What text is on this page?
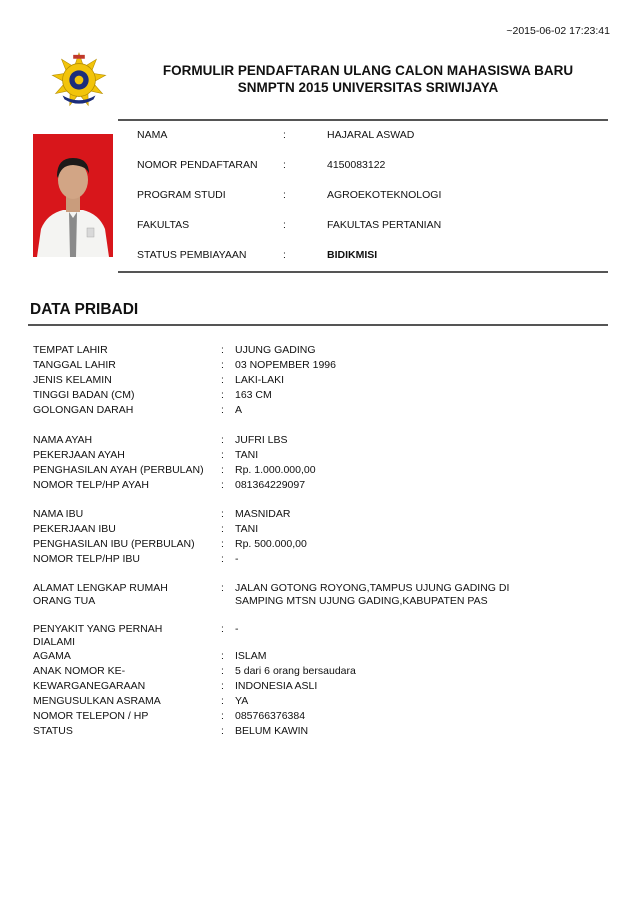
~2015-06-02 17:23:41
FORMULIR PENDAFTARAN ULANG CALON MAHASISWA BARU
SNMPTN 2015 UNIVERSITAS SRIWIJAYA
NAMA	:	HAJARAL ASWAD
NOMOR PENDAFTARAN :	4150083122
PROGRAM STUDI	:	AGROEKOTEKNOLOGI
FAKULTAS	:	FAKULTAS PERTANIAN
STATUS PEMBIAYAAN	:	BIDIKMISI
DATA PRIBADI
TEMPAT LAHIR	: UJUNG GADING
TANGGAL LAHIR	: 03 NOPEMBER 1996
JENIS KELAMIN	: LAKI-LAKI
TINGGI BADAN (CM)	: 163 CM
GOLONGAN DARAH	: A
NAMA AYAH	: JUFRI LBS
PEKERJAAN AYAH	: TANI
PENGHASILAN AYAH (PERBULAN)	: Rp. 1.000.000,00
NOMOR TELP/HP AYAH	: 081364229097
NAMA IBU	: MASNIDAR
PEKERJAAN IBU	: TANI
PENGHASILAN IBU (PERBULAN)	: Rp. 500.000,00
NOMOR TELP/HP IBU	: -
ALAMAT LENGKAP RUMAH ORANG TUA
: JALAN GOTONG ROYONG,TAMPUS UJUNG GADING DI SAMPING MTSN UJUNG GADING,KABUPATEN PAS
PENYAKIT YANG PERNAH DIALAMI
: -
AGAMA	: ISLAM
ANAK NOMOR KE-	: 5 dari 6 orang bersaudara
KEWARGANEGARAAN	: INDONESIA ASLI
MENGUSULKAN ASRAMA	: YA
NOMOR TELEPON / HP	: 085766376384
STATUS	: BELUM KAWIN
